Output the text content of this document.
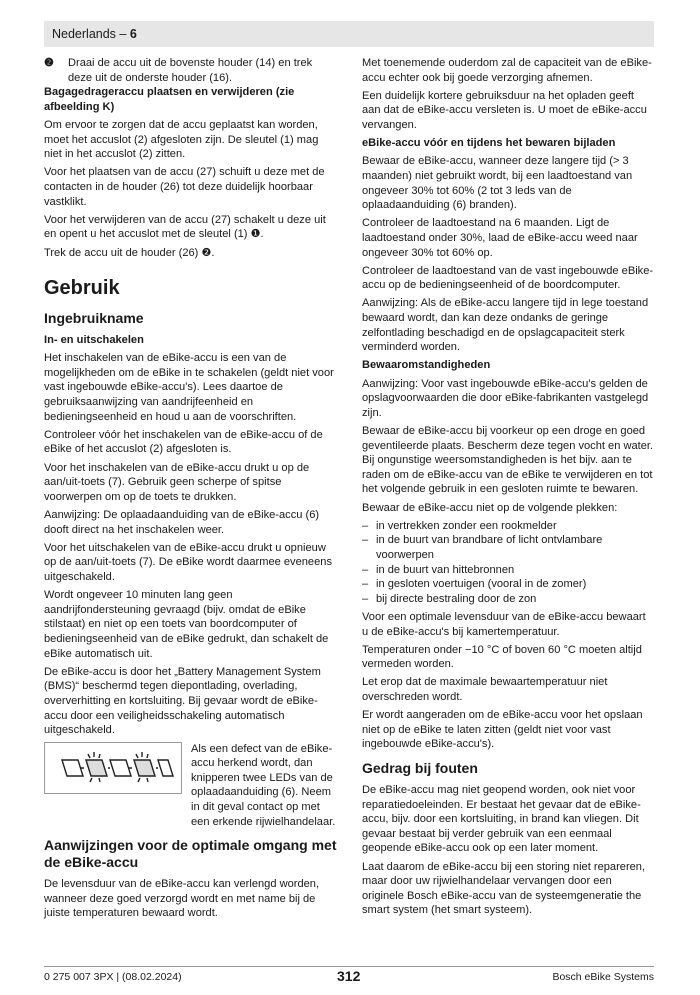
Nederlands – 6
❷	Draai de accu uit de bovenste houder (14) en trek deze uit de onderste houder (16).

Bagagedrageraccu plaatsen en verwijderen (zie afbeelding K)

Om ervoor te zorgen dat de accu geplaatst kan worden, moet het accuslot (2) afgesloten zijn. De sleutel (1) mag niet in het accuslot (2) zitten.

Voor het plaatsen van de accu (27) schuift u deze met de contacten in de houder (26) tot deze duidelijk hoorbaar vastklikt.

Voor het verwijderen van de accu (27) schakelt u deze uit en opent u het accuslot met de sleutel (1) ❶.

Trek de accu uit de houder (26) ❷.

Gebruik
Ingebruikname

In- en uitschakelen

Het inschakelen van de eBike-accu is een van de mogelijkheden om de eBike in te schakelen (geldt niet voor vast ingebouwde eBike-accu's). Lees daartoe de gebruiksaanwijzing van aandrijfeenheid en bedieningseenheid en houd u aan de voorschriften.

Controleer vóór het inschakelen van de eBike-accu of de eBike of het accuslot (2) afgesloten is.

Voor het inschakelen van de eBike-accu drukt u op de aan/uit-toets (7). Gebruik geen scherpe of spitse voorwerpen om op de toets te drukken.

Aanwijzing: De oplaadaanduiding van de eBike-accu (6) dooft direct na het inschakelen weer.

Voor het uitschakelen van de eBike-accu drukt u opnieuw op de aan/uit-toets (7). De eBike wordt daarmee eveneens uitgeschakeld.

Wordt ongeveer 10 minuten lang geen aandrijfondersteuning gevraagd (bijv. omdat de eBike stilstaat) en niet op een toets van boordcomputer of bedieningseenheid van de eBike gedrukt, dan schakelt de eBike automatisch uit.

De eBike-accu is door het „Battery Management System (BMS)“ beschermd tegen diepontlading, overlading, oververhitting en kortsluiting. Bij gevaar wordt de eBike-accu door een veiligheidsschakeling automatisch uitgeschakeld.

Als een defect van de eBike-accu herkend wordt, dan knipperen twee LEDs van de oplaadaanduiding (6). Neem in dit geval contact op met een erkende rijwielhandelaar.
Aanwijzingen voor de optimale omgang met de eBike-accu

De levensduur van de eBike-accu kan verlengd worden, wanneer deze goed verzorgd wordt en met name bij de juiste temperaturen bewaard wordt.

Met toenemende ouderdom zal de capaciteit van de eBike-accu echter ook bij goede verzorging afnemen.

Een duidelijk kortere gebruiksduur na het opladen geeft aan dat de eBike-accu versleten is. U moet de eBike-accu vervangen.

eBike-accu vóór en tijdens het bewaren bijladen

Bewaar de eBike-accu, wanneer deze langere tijd (> 3 maanden) niet gebruikt wordt, bij een laadtoestand van ongeveer 30% tot 60% (2 tot 3 leds van de oplaadaanduiding (6) branden).

Controleer de laadtoestand na 6 maanden. Ligt de laadtoestand onder 30%, laad de eBike-accu weed naar ongeveer 30% tot 60% op.

Controleer de laadtoestand van de vast ingebouwde eBike-accu op de bedieningseenheid of de boordcomputer.

Aanwijzing: Als de eBike-accu langere tijd in lege toestand bewaard wordt, dan kan deze ondanks de geringe zelfontlading beschadigd en de opslagcapaciteit sterk verminderd worden.

Bewaaromstandigheden

Aanwijzing: Voor vast ingebouwde eBike-accu's gelden de opslagvoorwaarden die door eBike-fabrikanten vastgelegd zijn.

Bewaar de eBike-accu bij voorkeur op een droge en goed geventileerde plaats. Bescherm deze tegen vocht en water. Bij ongunstige weersomstandigheden is het bijv. aan te raden om de eBike-accu van de eBike te verwijderen en tot het volgende gebruik in een gesloten ruimte te bewaren.

Bewaar de eBike-accu niet op de volgende plekken:

– in vertrekken zonder een rookmelder
– in de buurt van brandbare of licht ontvlambare voorwerpen
– in de buurt van hittebronnen
– in gesloten voertuigen (vooral in de zomer)
– bij directe bestraling door de zon

Voor een optimale levensduur van de eBike-accu bewaart u de eBike-accu's bij kamertemperatuur.

Temperaturen onder −10 °C of boven 60 °C moeten altijd vermeden worden.

Let erop dat de maximale bewaartemperatuur niet overschreden wordt.

Er wordt aangeraden om de eBike-accu voor het opslaan niet op de eBike te laten zitten (geldt niet voor vast ingebouwde eBike-accu's).

Gedrag bij fouten

De eBike-accu mag niet geopend worden, ook niet voor reparatiedoeleinden. Er bestaat het gevaar dat de eBike-accu, bijv. door een kortsluiting, in brand kan vliegen. Dit gevaar bestaat bij verder gebruik van een eenmaal geopende eBike-accu ook op een later moment.

Laat daarom de eBike-accu bij een storing niet repareren, maar door uw rijwielhandelaar vervangen door een originele Bosch eBike-accu van de systeemgeneratie the smart system (het smart systeem).

0 275 007 3PX | (08.02.2024)	312	Bosch eBike Systems
